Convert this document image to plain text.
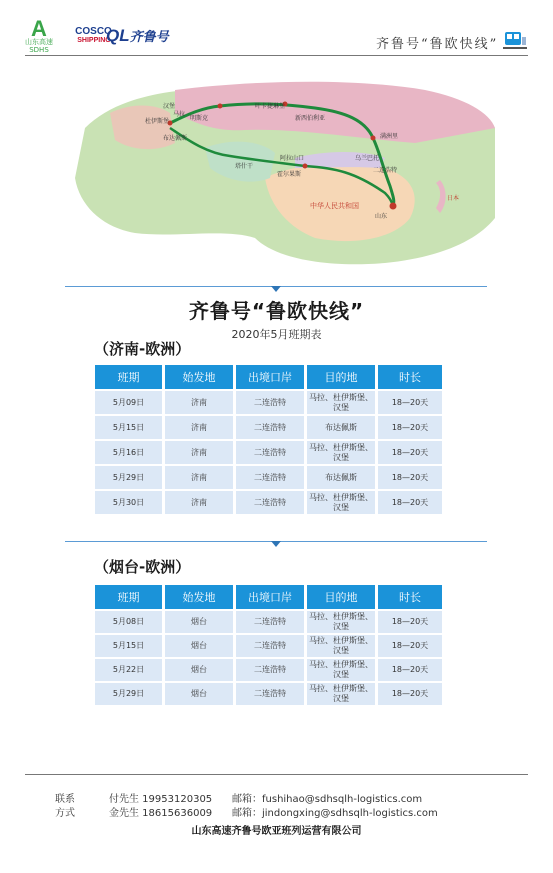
A
山东高速
SDHS
COSCO
SHIPPING
QL齐鲁号
齐鲁号“鲁欧快线”
汉堡
马拉
杜伊斯堡
布达佩斯
明斯克
叶卡捷琳堡
新西伯利亚
乌兰巴托
二连浩特
满洲里
阿拉山口
霍尔果斯
塔什干
中华人民共和国
山东
日本
齐鲁号“鲁欧快线”
2020年5月班期表
（济南-欧洲）
班期	始发地	出境口岸	目的地	时长
5月09日	济南	二连浩特	马拉、杜伊斯堡、汉堡	18—20天
5月15日	济南	二连浩特	布达佩斯	18—20天
5月16日	济南	二连浩特	马拉、杜伊斯堡、汉堡	18—20天
5月29日	济南	二连浩特	布达佩斯	18—20天
5月30日	济南	二连浩特	马拉、杜伊斯堡、汉堡	18—20天
（烟台-欧洲）
班期	始发地	出境口岸	目的地	时长
5月08日	烟台	二连浩特	马拉、杜伊斯堡、汉堡	18—20天
5月15日	烟台	二连浩特	马拉、杜伊斯堡、汉堡	18—20天
5月22日	烟台	二连浩特	马拉、杜伊斯堡、汉堡	18—20天
5月29日	烟台	二连浩特	马拉、杜伊斯堡、汉堡	18—20天
联系
方式
付先生 19953120305
金先生 18615636009
邮箱：fushihao@sdhsqlh-logistics.com
邮箱：jindongxing@sdhsqlh-logistics.com
山东高速齐鲁号欧亚班列运营有限公司
